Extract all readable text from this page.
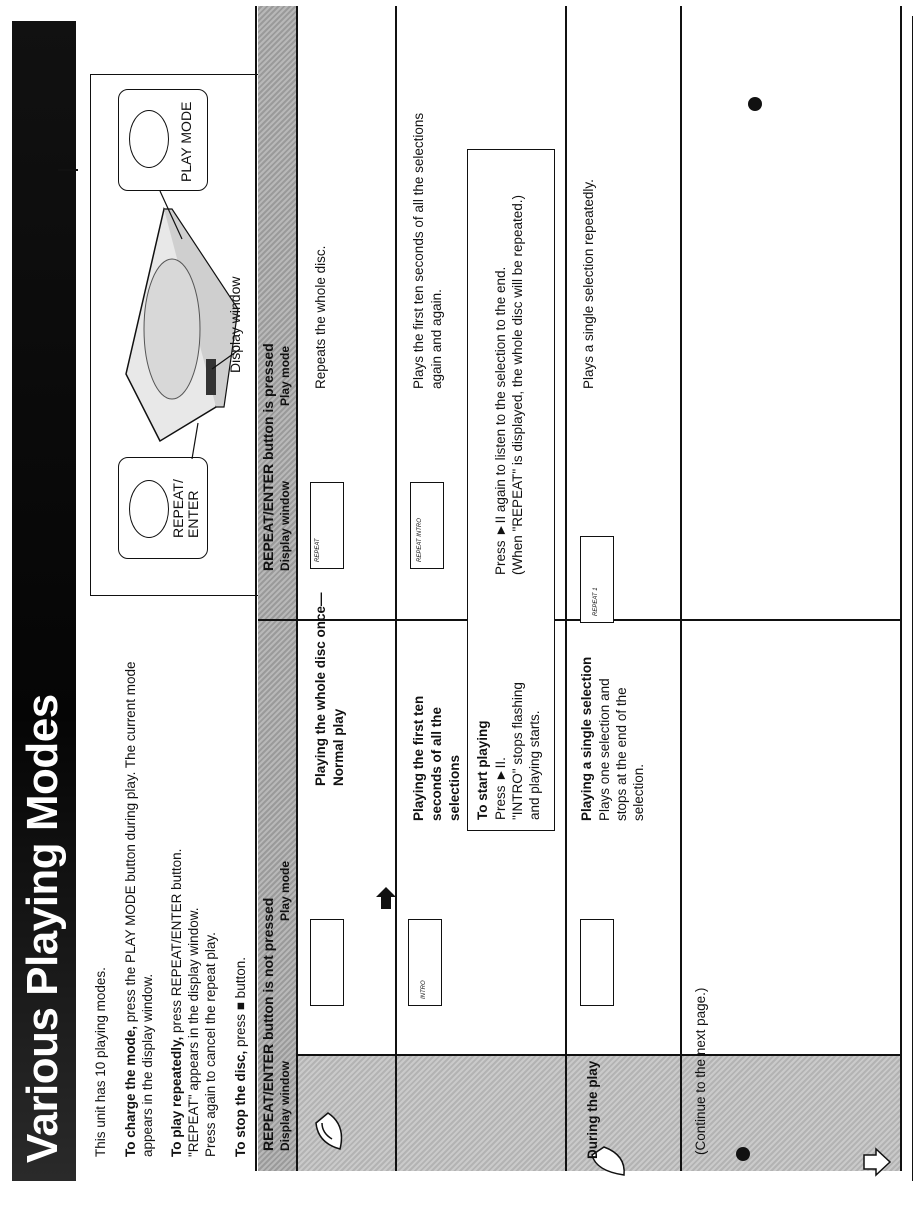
Various Playing Modes This unit has 10 playing modes. To charge the mode, press the PLAY MODE button during play. The current mode
appears in the display window. To play repeatedly, press REPEAT/ENTER button. "REPEAT" appears in the display window. Press again to cancel the repeat play. To stop the disc, press ■ button.
REPEAT/ ENTER
PLAY MODE
Display window
REPEAT/ENTER button is not pressed
REPEAT/ENTER button is pressed
Display window
Play mode
Display window
Play mode
During the play
Playing the whole disc once— Normal play
REPEAT
Repeats the whole disc.
INTRO
Playing the first ten seconds of all the selections
REPEAT INTRO
Plays the first ten seconds of all the selections again and again.
To start playing Press ►II. "INTRO" stops flashing and playing starts.
Press ►II again to listen to the selection to the end. (When "REPEAT" is displayed, the whole disc will be repeated.)
Playing a single selection Plays one selection and stops at the end of the selection.
REPEAT 1
Plays a single selection repeatedly.
(Continue to the next page.)
